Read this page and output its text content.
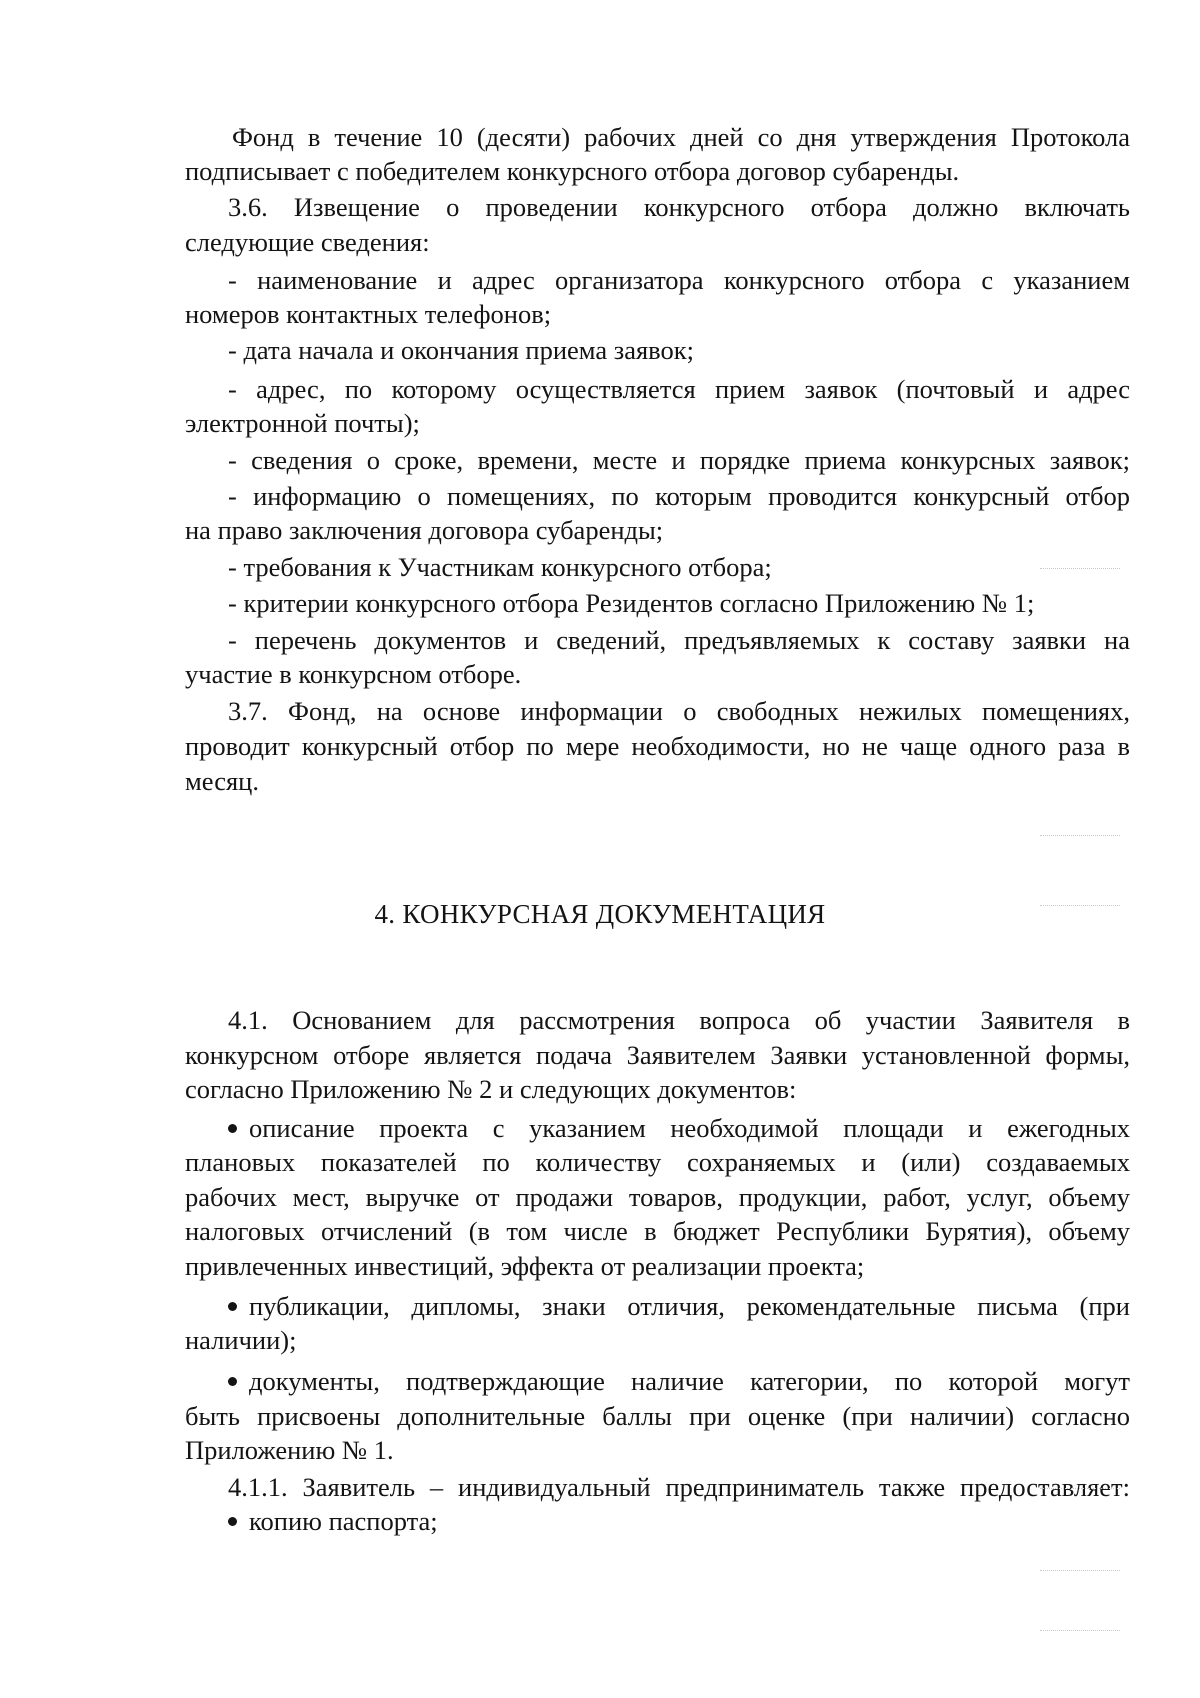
Фонд в течение 10 (десяти) рабочих дней со дня утверждения Протокола
подписывает с победителем конкурсного отбора договор субаренды.
3.6. Извещение о проведении конкурсного отбора должно включать
следующие сведения:
- наименование и адрес организатора конкурсного отбора с указанием
номеров контактных телефонов;
- дата начала и окончания приема заявок;
- адрес, по которому осуществляется прием заявок (почтовый и адрес
электронной почты);
- сведения о сроке, времени, месте и порядке приема конкурсных заявок;
- информацию о помещениях, по которым проводится конкурсный отбор
на право заключения договора субаренды;
- требования к Участникам конкурсного отбора;
- критерии конкурсного отбора Резидентов согласно Приложению № 1;
- перечень документов и сведений, предъявляемых к составу заявки на
участие в конкурсном отборе.
3.7. Фонд, на основе информации о свободных нежилых помещениях,
проводит конкурсный отбор по мере необходимости, но не чаще одного раза в
месяц.
4. КОНКУРСНАЯ ДОКУМЕНТАЦИЯ
4.1. Основанием для рассмотрения вопроса об участии Заявителя в
конкурсном отборе является подача Заявителем Заявки установленной формы,
согласно Приложению № 2 и следующих документов:
описание проекта с указанием необходимой площади и ежегодных
плановых показателей по количеству сохраняемых и (или) создаваемых
рабочих мест, выручке от продажи товаров, продукции, работ, услуг, объему
налоговых отчислений (в том числе в бюджет Республики Бурятия), объему
привлеченных инвестиций, эффекта от реализации проекта;
публикации, дипломы, знаки отличия, рекомендательные письма (при
наличии);
документы, подтверждающие наличие категории, по которой могут
быть присвоены дополнительные баллы при оценке (при наличии) согласно
Приложению № 1.
4.1.1. Заявитель – индивидуальный предприниматель также предоставляет:
копию паспорта;
